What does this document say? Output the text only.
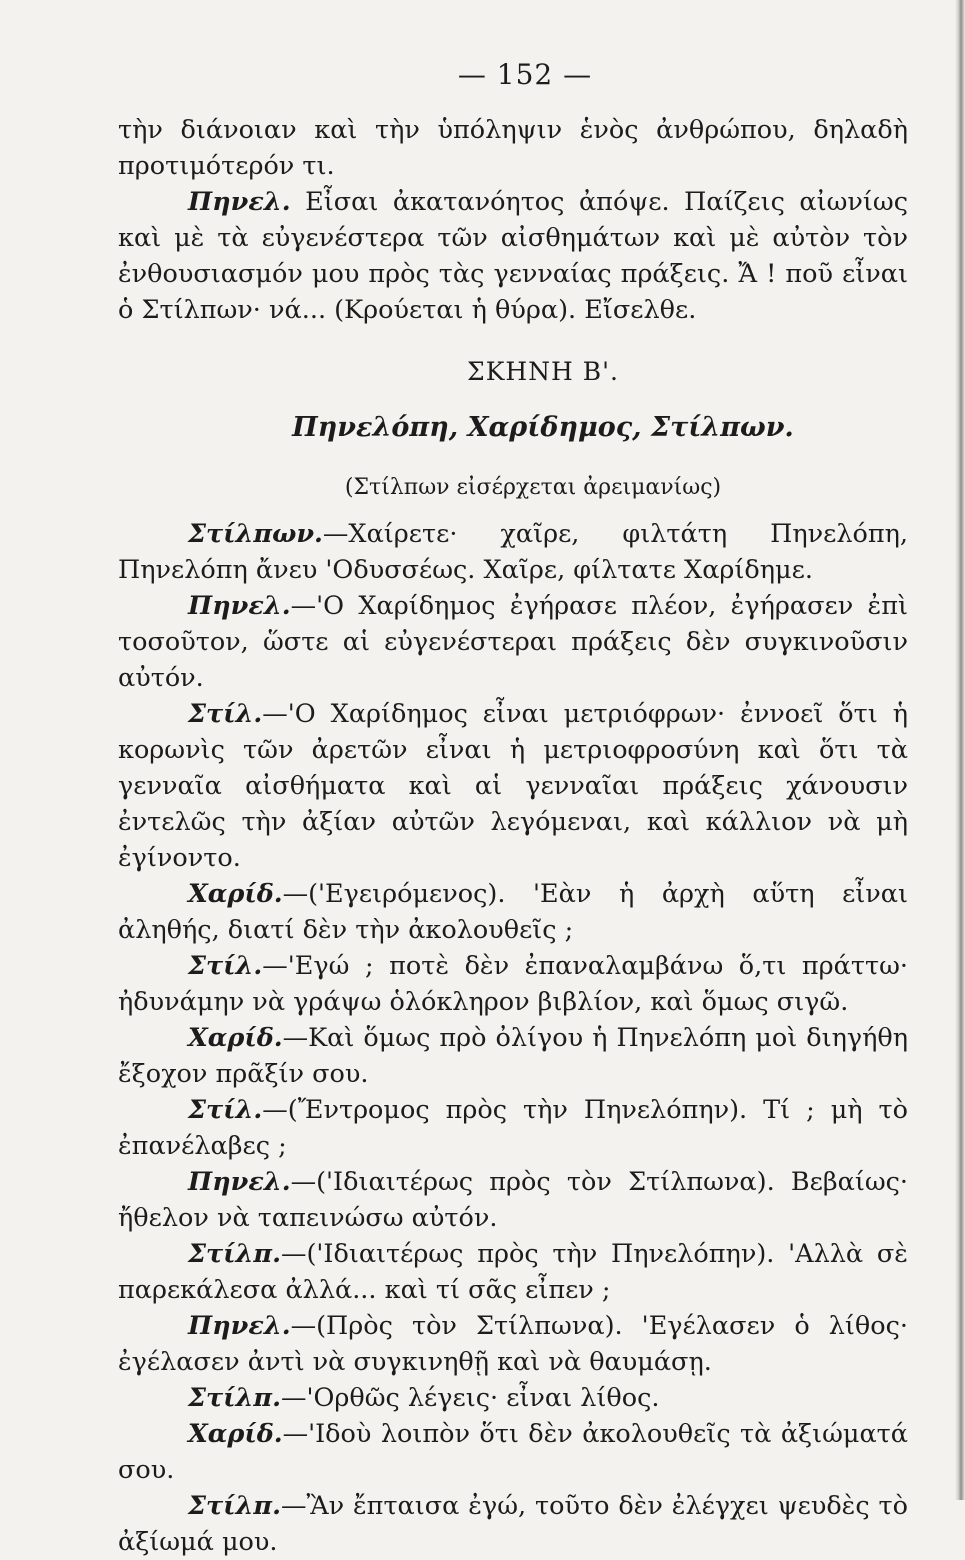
— 152 —

τὴν διάνοιαν καὶ τὴν ὑπόληψιν ἑνὸς ἀνθρώπου, δηλαδὴ προτιμότερόν τι.

Πηνελ. Εἶσαι ἀκατανόητος ἀπόψε. Παίζεις αἰωνίως καὶ μὲ τὰ εὐγενέστερα τῶν αἰσθημάτων καὶ μὲ αὐτὸν τὸν ἐνθουσιασμόν μου πρὸς τὰς γενναίας πράξεις. Ἄ ! ποῦ εἶναι ὁ Στίλπων· νά... (Κρούεται ἡ θύρα). Εἴσελθε.

ΣΚΗΝΗ Β'.
Πηνελόπη, Χαρίδημος, Στίλπων.
(Στίλπων εἰσέρχεται ἀρειμανίως)

Στίλπων.—Χαίρετε· χαῖρε, φιλτάτη Πηνελόπη, Πηνελόπη ἄνευ 'Οδυσσέως. Χαῖρε, φίλτατε Χαρίδημε.

Πηνελ.—'Ο Χαρίδημος ἐγήρασε πλέον, ἐγήρασεν ἐπὶ τοσοῦτον, ὥστε αἱ εὐγενέστεραι πράξεις δὲν συγκινοῦσιν αὐτόν.

Στίλ.—'Ο Χαρίδημος εἶναι μετριόφρων· ἐννοεῖ ὅτι ἡ κορωνὶς τῶν ἀρετῶν εἶναι ἡ μετριοφροσύνη καὶ ὅτι τὰ γενναῖα αἰσθήματα καὶ αἱ γενναῖαι πράξεις χάνουσιν ἐντελῶς τὴν ἀξίαν αὐτῶν λεγόμεναι, καὶ κάλλιον νὰ μὴ ἐγίνοντο.

Χαρίδ.—('Εγειρόμενος). 'Εὰν ἡ ἀρχὴ αὕτη εἶναι ἀληθής, διατί δὲν τὴν ἀκολουθεῖς ;

Στίλ.—'Εγώ ; ποτὲ δὲν ἐπαναλαμβάνω ὅ,τι πράττω· ἠδυνάμην νὰ γράψω ὁλόκληρον βιβλίον, καὶ ὅμως σιγῶ.

Χαρίδ.—Καὶ ὅμως πρὸ ὀλίγου ἡ Πηνελόπη μοὶ διηγήθη ἔξοχον πρᾶξίν σου.

Στίλ.—(Ἔντρομος πρὸς τὴν Πηνελόπην). Τί ; μὴ τὸ ἐπανέλαβες ;

Πηνελ.—('Ιδιαιτέρως πρὸς τὸν Στίλπωνα). Βεβαίως· ἤθελον νὰ ταπεινώσω αὐτόν.

Στίλπ.—('Ιδιαιτέρως πρὸς τὴν Πηνελόπην). 'Αλλὰ σὲ παρεκάλεσα ἀλλά... καὶ τί σᾶς εἶπεν ;

Πηνελ.—(Πρὸς τὸν Στίλπωνα). 'Εγέλασεν ὁ λίθος· ἐγέλασεν ἀντὶ νὰ συγκινηθῇ καὶ νὰ θαυμάσῃ.

Στίλπ.—'Ορθῶς λέγεις· εἶναι λίθος.

Χαρίδ.—'Ιδοὺ λοιπὸν ὅτι δὲν ἀκολουθεῖς τὰ ἀξιώματά σου.

Στίλπ.—Ἂν ἔπταισα ἐγώ, τοῦτο δὲν ἐλέγχει ψευδὲς τὸ ἀξίωμά μου.
